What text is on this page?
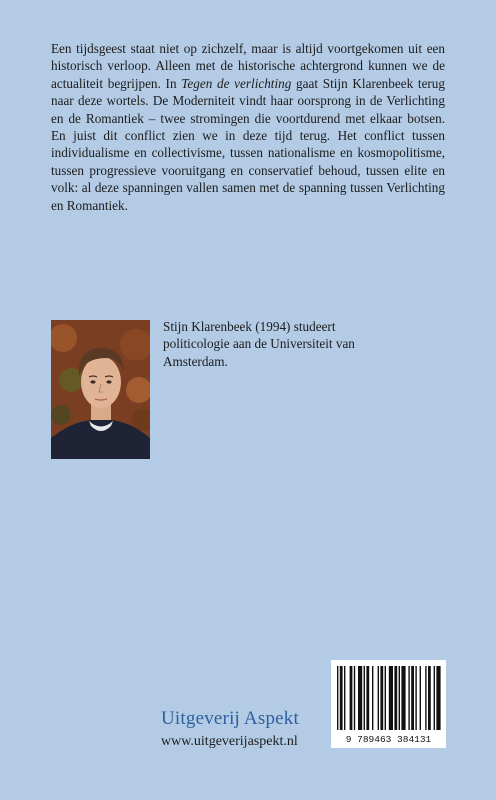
Een tijdsgeest staat niet op zichzelf, maar is altijd voortgekomen uit een historisch verloop. Alleen met de historische achtergrond kunnen we de actualiteit begrijpen. In Tegen de verlichting gaat Stijn Klarenbeek terug naar deze wortels. De Moderniteit vindt haar oorsprong in de Verlichting en de Romantiek – twee stromingen die voortdurend met elkaar botsen. En juist dit conflict zien we in deze tijd terug. Het conflict tussen individualisme en collectivisme, tussen nationalisme en kosmopolitisme, tussen progressieve vooruitgang en conservatief behoud, tussen elite en volk: al deze spanningen vallen samen met de spanning tussen Verlichting en Romantiek.

Stijn Klarenbeek (1994) studeert politicologie aan de Universiteit van Amsterdam.

Uitgeverij Aspekt
www.uitgeverijaspekt.nl	9 789463 384131
